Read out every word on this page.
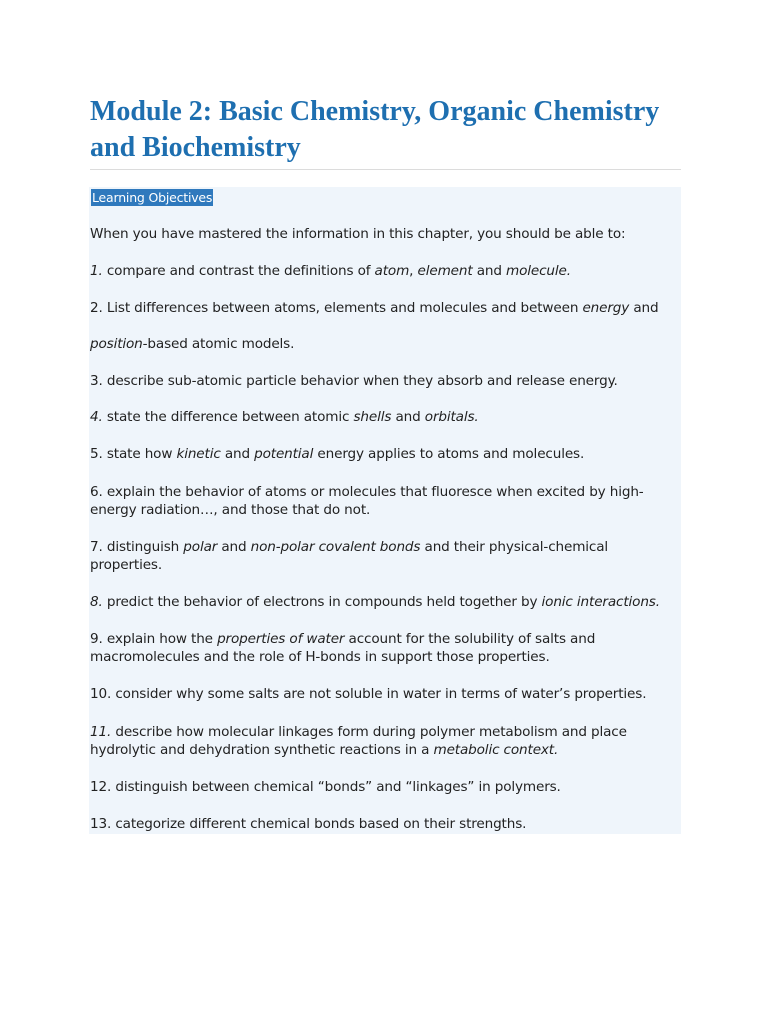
Module 2: Basic Chemistry, Organic Chemistry and Biochemistry
Learning Objectives
When you have mastered the information in this chapter, you should be able to:
1. compare and contrast the definitions of atom, element and molecule.
2. List differences between atoms, elements and molecules and between energy and
position-based atomic models.
3. describe sub-atomic particle behavior when they absorb and release energy.
4. state the difference between atomic shells and orbitals.
5. state how kinetic and potential energy applies to atoms and molecules.
6. explain the behavior of atoms or molecules that fluoresce when excited by high-energy radiation…, and those that do not.
7. distinguish polar and non-polar covalent bonds and their physical-chemical properties.
8. predict the behavior of electrons in compounds held together by ionic interactions.
9. explain how the properties of water account for the solubility of salts and macromolecules and the role of H-bonds in support those properties.
10. consider why some salts are not soluble in water in terms of water’s properties.
11. describe how molecular linkages form during polymer metabolism and place hydrolytic and dehydration synthetic reactions in a metabolic context.
12. distinguish between chemical “bonds” and “linkages” in polymers.
13. categorize different chemical bonds based on their strengths.
